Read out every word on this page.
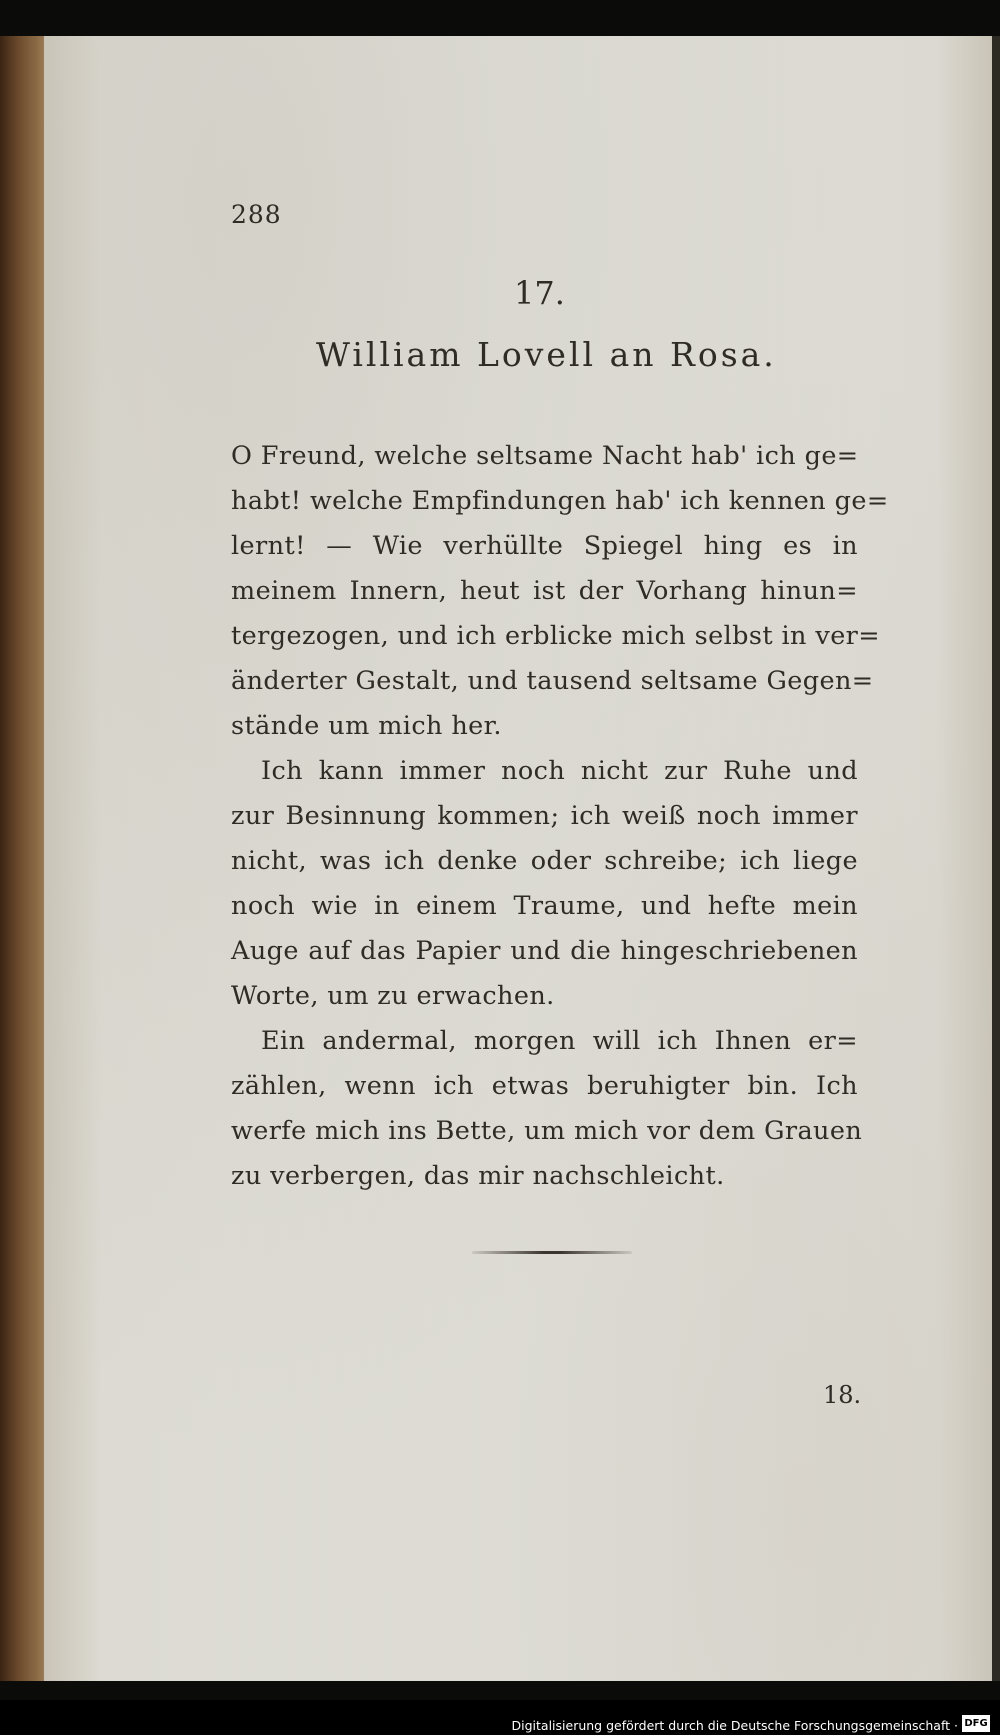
288
17.
William Lovell an Rosa.
O Freund, welche seltsame Nacht hab' ich ge=
habt! welche Empfindungen hab' ich kennen ge=
lernt! — Wie verhüllte Spiegel hing es in
meinem Innern, heut ist der Vorhang hinun=
tergezogen, und ich erblicke mich selbst in ver=
änderter Gestalt, und tausend seltsame Gegen=
stände um mich her.
Ich kann immer noch nicht zur Ruhe und
zur Besinnung kommen; ich weiß noch immer
nicht, was ich denke oder schreibe; ich liege
noch wie in einem Traume, und hefte mein
Auge auf das Papier und die hingeschriebenen
Worte, um zu erwachen.
Ein andermal, morgen will ich Ihnen er=
zählen, wenn ich etwas beruhigter bin. Ich
werfe mich ins Bette, um mich vor dem Grauen
zu verbergen, das mir nachschleicht.
18.
Digitalisierung gefördert durch die Deutsche Forschungsgemeinschaft · DFG
